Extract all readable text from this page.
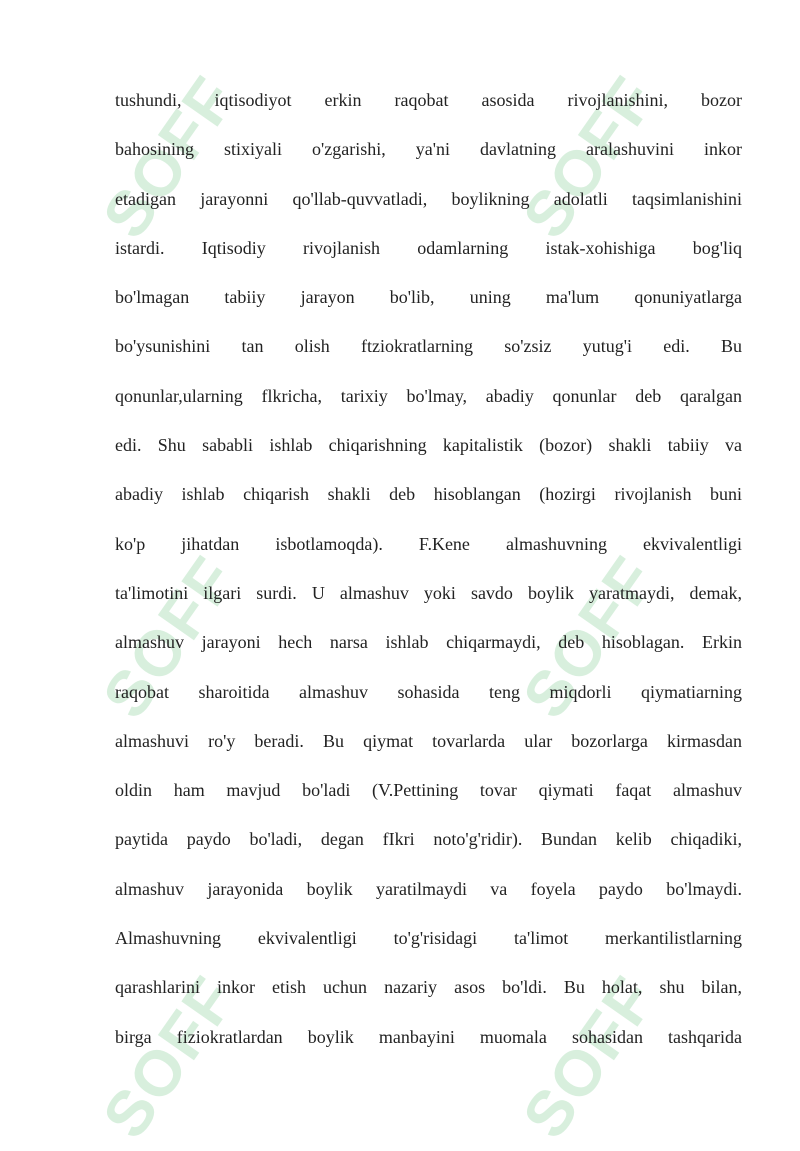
SOFF	SOFF
SOFF	SOFF
SOFF	SOFF
tushundi, iqtisodiyot erkin raqobat asosida rivojlanishini, bozor
bahosining stixiyali o'zgarishi, ya'ni davlatning aralashuvini inkor
etadigan jarayonni qo'llab-quvvatladi, boylikning adolatli taqsimlanishini
istardi. Iqtisodiy rivojlanish odamlarning istak-xohishiga bog'liq
bo'lmagan tabiiy jarayon bo'lib, uning ma'lum qonuniyatlarga
bo'ysunishini tan olish ftziokratlarning so'zsiz yutug'i edi. Bu
qonunlar,ularning flkricha, tarixiy bo'lmay, abadiy qonunlar deb qaralgan
edi. Shu sababli ishlab chiqarishning kapitalistik (bozor) shakli tabiiy va
abadiy ishlab chiqarish shakli deb hisoblangan (hozirgi rivojlanish buni
ko'p jihatdan isbotlamoqda). F.Kene almashuvning ekvivalentligi
ta'limotini ilgari surdi. U almashuv yoki savdo boylik yaratmaydi, demak,
almashuv jarayoni hech narsa ishlab chiqarmaydi, deb hisoblagan. Erkin
raqobat sharoitida almashuv sohasida teng miqdorli qiymatiarning
almashuvi ro'y beradi. Bu qiymat tovarlarda ular bozorlarga kirmasdan
oldin ham mavjud bo'ladi (V.Pettining tovar qiymati faqat almashuv
paytida paydo bo'ladi, degan fIkri noto'g'ridir). Bundan kelib chiqadiki,
almashuv jarayonida boylik yaratilmaydi va foyela paydo bo'lmaydi.
Almashuvning ekvivalentligi to'g'risidagi ta'limot merkantilistlarning
qarashlarini inkor etish uchun nazariy asos bo'ldi. Bu holat, shu bilan,
birga fiziokratlardan boylik manbayini muomala sohasidan tashqarida
